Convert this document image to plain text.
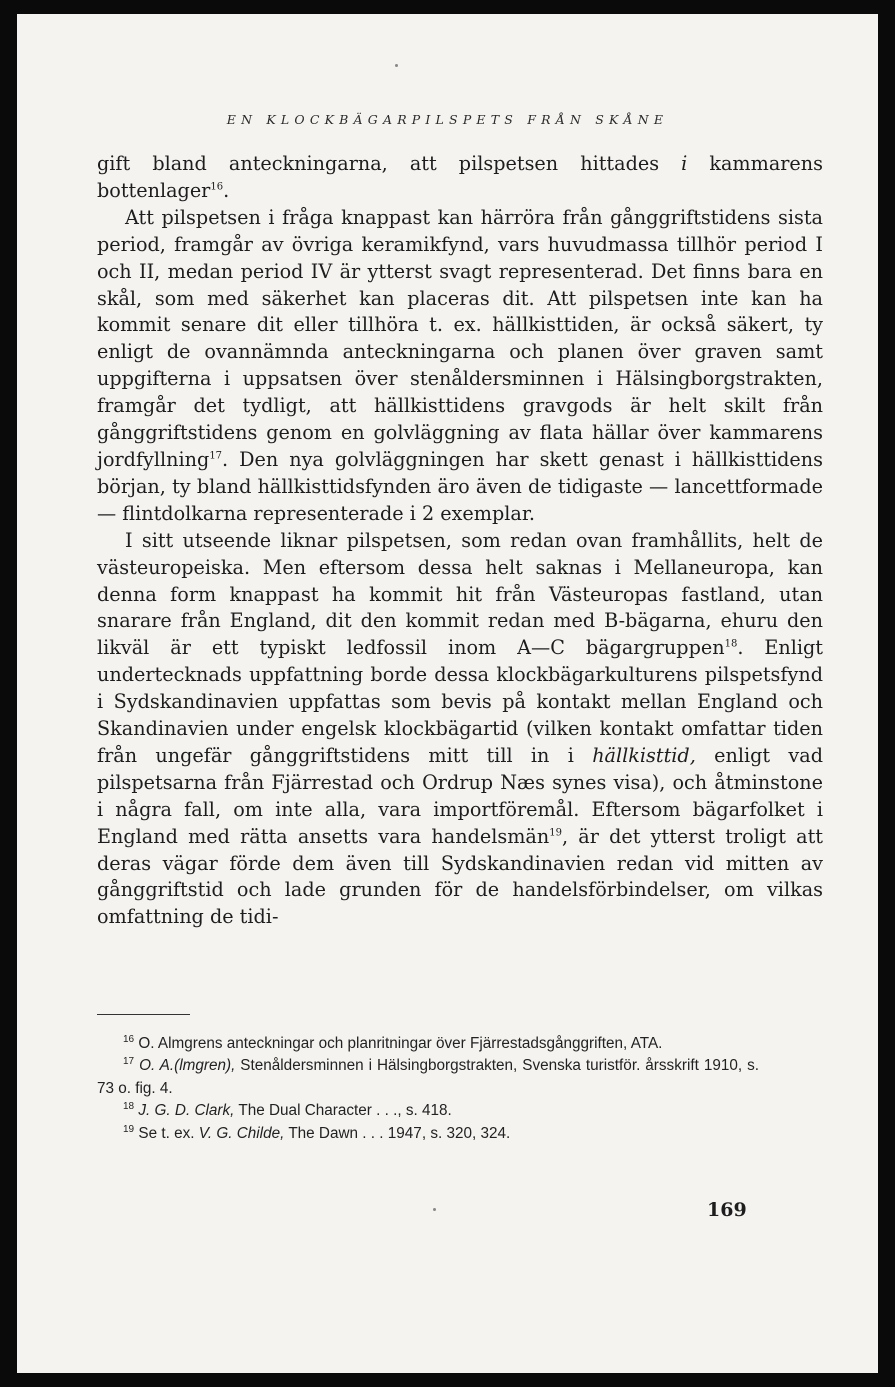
EN KLOCKBÄGARPILSPETS FRÅN SKÅNE

gift bland anteckningarna, att pilspetsen hittades i kammarens bottenlager$^{16}$.

Att pilspetsen i fråga knappast kan härröra från gånggriftstidens sista period, framgår av övriga keramikfynd, vars huvudmassa tillhör period I och II, medan period IV är ytterst svagt representerad. Det finns bara en skål, som med säkerhet kan placeras dit. Att pilspetsen inte kan ha kommit senare dit eller tillhöra t. ex. hällkisttiden, är också säkert, ty enligt de ovannämnda anteckningarna och planen över graven samt uppgifterna i uppsatsen över stenåldersminnen i Hälsingborgstrakten, framgår det tydligt, att hällkisttidens gravgods är helt skilt från gånggriftstidens genom en golvläggning av flata hällar över kammarens jordfyllning$^{17}$. Den nya golvläggningen har skett genast i hällkisttidens början, ty bland hällkisttidsfynden äro även de tidigaste — lancettformade — flintdolkarna representerade i 2 exemplar.

I sitt utseende liknar pilspetsen, som redan ovan framhållits, helt de västeuropeiska. Men eftersom dessa helt saknas i Mellaneuropa, kan denna form knappast ha kommit hit från Västeuropas fastland, utan snarare från England, dit den kommit redan med B-bägarna, ehuru den likväl är ett typiskt ledfossil inom A—C bägargruppen$^{18}$. Enligt undertecknads uppfattning borde dessa klockbägarkulturens pilspetsfynd i Sydskandinavien uppfattas som bevis på kontakt mellan England och Skandinavien under engelsk klockbägartid (vilken kontakt omfattar tiden från ungefär gånggriftstidens mitt till in i hällkisttid, enligt vad pilspetsarna från Fjärrestad och Ordrup Næs synes visa), och åtminstone i några fall, om inte alla, vara importföremål. Eftersom bägarfolket i England med rätta ansetts vara handelsmän$^{19}$, är det ytterst troligt att deras vägar förde dem även till Sydskandinavien redan vid mitten av gånggriftstid och lade grunden för de handelsförbindelser, om vilkas omfattning de tidi-

$^{16}$ O. Almgrens anteckningar och planritningar över Fjärrestadsgånggriften, ATA.

$^{17}$ O. A.(lmgren), Stenåldersminnen i Hälsingborgstrakten, Svenska turistför. årsskrift 1910, s. 73 o. fig. 4.

$^{18}$ J. G. D. Clark, The Dual Character . . ., s. 418.

$^{19}$ Se t. ex. V. G. Childe, The Dawn . . . 1947, s. 320, 324.

169
